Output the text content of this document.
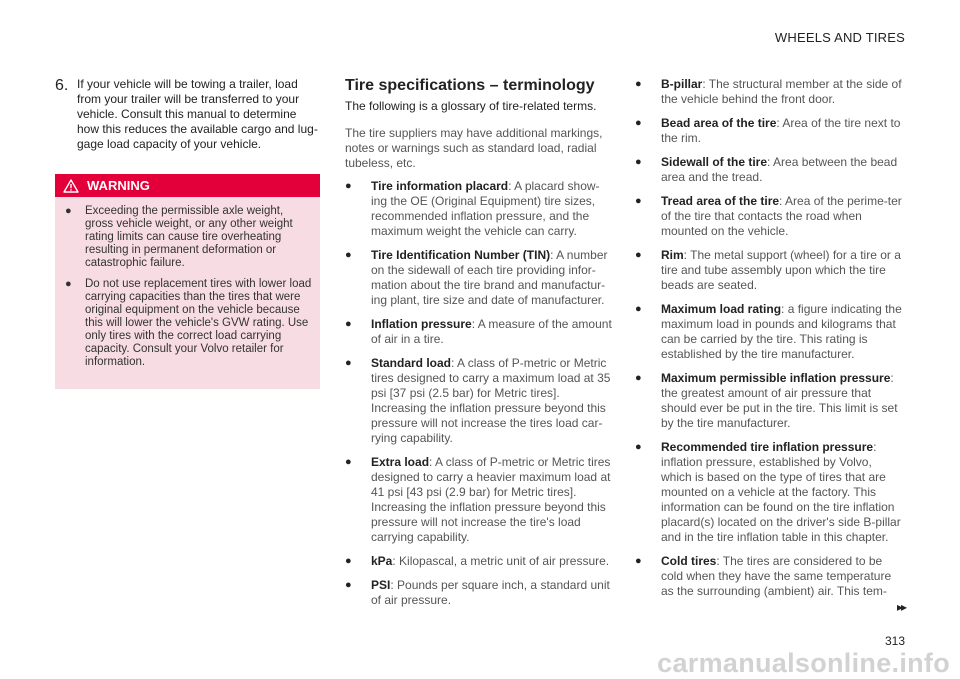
WHEELS AND TIRES
6. If your vehicle will be towing a trailer, load from your trailer will be transferred to your vehicle. Consult this manual to determine how this reduces the available cargo and lug-gage load capacity of your vehicle.

WARNING
●	Exceeding the permissible axle weight, gross vehicle weight, or any other weight rating limits can cause tire overheating resulting in permanent deformation or catastrophic failure.
●	Do not use replacement tires with lower load carrying capacities than the tires that were original equipment on the vehicle because this will lower the vehicle's GVW rating. Use only tires with the correct load carrying capacity. Consult your Volvo retailer for information.
Tire specifications – terminology

The following is a glossary of tire-related terms.

The tire suppliers may have additional markings, notes or warnings such as standard load, radial tubeless, etc.

●	Tire information placard: A placard show-ing the OE (Original Equipment) tire sizes, recommended inflation pressure, and the maximum weight the vehicle can carry.
●	Tire Identification Number (TIN): A number on the sidewall of each tire providing infor-mation about the tire brand and manufactur-ing plant, tire size and date of manufacturer.
●	Inflation pressure: A measure of the amount of air in a tire.
●	Standard load: A class of P-metric or Metric tires designed to carry a maximum load at 35 psi [37 psi (2.5 bar) for Metric tires]. Increasing the inflation pressure beyond this pressure will not increase the tires load car-rying capability.
●	Extra load: A class of P-metric or Metric tires designed to carry a heavier maximum load at 41 psi [43 psi (2.9 bar) for Metric tires]. Increasing the inflation pressure beyond this pressure will not increase the tire's load carrying capability.
●	kPa: Kilopascal, a metric unit of air pressure.
●	PSI: Pounds per square inch, a standard unit of air pressure.
●	B-pillar: The structural member at the side of the vehicle behind the front door.
●	Bead area of the tire: Area of the tire next to the rim.
●	Sidewall of the tire: Area between the bead area and the tread.
●	Tread area of the tire: Area of the perime-ter of the tire that contacts the road when mounted on the vehicle.
●	Rim: The metal support (wheel) for a tire or a tire and tube assembly upon which the tire beads are seated.
●	Maximum load rating: a figure indicating the maximum load in pounds and kilograms that can be carried by the tire. This rating is established by the tire manufacturer.
●	Maximum permissible inflation pressure: the greatest amount of air pressure that should ever be put in the tire. This limit is set by the tire manufacturer.
●	Recommended tire inflation pressure: inflation pressure, established by Volvo, which is based on the type of tires that are mounted on a vehicle at the factory. This information can be found on the tire inflation placard(s) located on the driver's side B-pillar and in the tire inflation table in this chapter.
●	Cold tires: The tires are considered to be cold when they have the same temperature as the surrounding (ambient) air. This tem-
▸▸
313
carmanualsonline.info
